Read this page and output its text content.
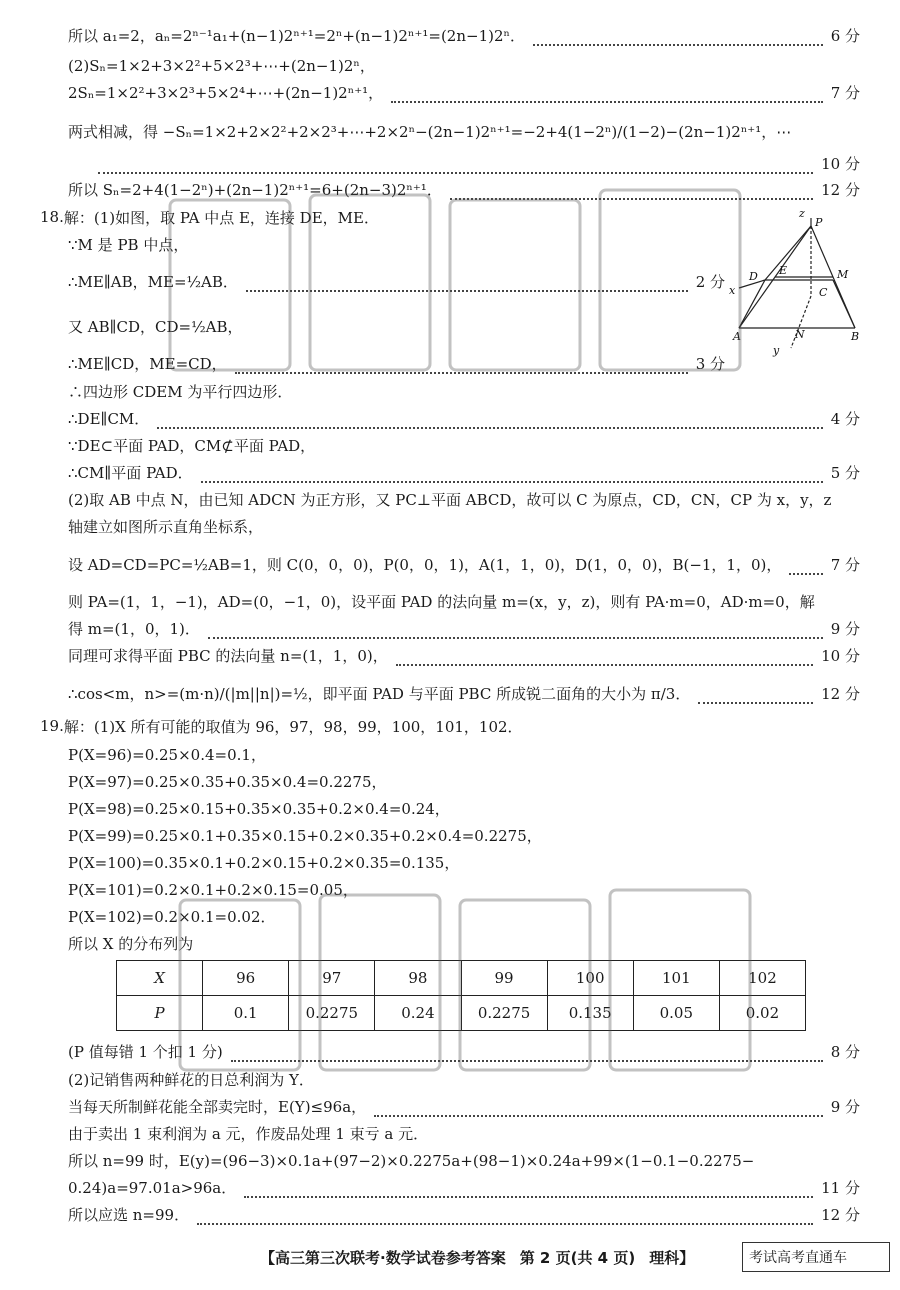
所以 a₁=2，aₙ=2ⁿ⁻¹a₁+(n−1)2ⁿ⁺¹=2ⁿ+(n−1)2ⁿ⁺¹=(2n−1)2ⁿ．	6 分
(2)Sₙ=1×2+3×2²+5×2³+⋯+(2n−1)2ⁿ，
2Sₙ=1×2²+3×2³+5×2⁴+⋯+(2n−1)2ⁿ⁺¹，	7 分
两式相减，得 −Sₙ=1×2+2×2²+2×2³+⋯+2×2ⁿ−(2n−1)2ⁿ⁺¹=−2+4(1−2ⁿ)/(1−2)−(2n−1)2ⁿ⁺¹，⋯
10 分
所以 Sₙ=2+4(1−2ⁿ)+(2n−1)2ⁿ⁺¹=6+(2n−3)2ⁿ⁺¹．	12 分
18. 解：(1)如图，取 PA 中点 E，连接 DE，ME．
∵M 是 PB 中点，
∴ME∥AB，ME=½AB．	2 分
又 AB∥CD，CD=½AB，
∴ME∥CD，ME=CD，	3 分
∴四边形 CDEM 为平行四边形．
∴DE∥CM．	4 分
∵DE⊂平面 PAD，CM⊄平面 PAD，
∴CM∥平面 PAD．	5 分
(2)取 AB 中点 N，由已知 ADCN 为正方形，又 PC⊥平面 ABCD，故可以 C 为原点，CD，CN，CP 为 x，y，z
轴建立如图所示直角坐标系，
设 AD=CD=PC=½AB=1，则 C(0，0，0)，P(0，0，1)，A(1，1，0)，D(1，0，0)，B(−1，1，0)，	7 分
则 PA=(1，1，−1)，AD=(0，−1，0)，设平面 PAD 的法向量 m=(x，y，z)，则有 PA·m=0，AD·m=0，解
得 m=(1，0，1)．	9 分
同理可求得平面 PBC 的法向量 n=(1，1，0)，	10 分
∴cos<m，n>=(m·n)/(|m||n|)=½，即平面 PAD 与平面 PBC 所成锐二面角的大小为 π/3．	12 分
z
P
D E	M
x	C
A	N	B
y
19. 解：(1)X 所有可能的取值为 96，97，98，99，100，101，102．
P(X=96)=0.25×0.4=0.1，
P(X=97)=0.25×0.35+0.35×0.4=0.2275，
P(X=98)=0.25×0.15+0.35×0.35+0.2×0.4=0.24，
P(X=99)=0.25×0.1+0.35×0.15+0.2×0.35+0.2×0.4=0.2275，
P(X=100)=0.35×0.1+0.2×0.15+0.2×0.35=0.135，
P(X=101)=0.2×0.1+0.2×0.15=0.05，
P(X=102)=0.2×0.1=0.02．
所以 X 的分布列为
X	96	97	98	99	100	101	102
P	0.1	0.2275	0.24	0.2275	0.135	0.05	0.02
(P 值每错 1 个扣 1 分)	8 分
(2)记销售两种鲜花的日总利润为 Y．
当每天所制鲜花能全部卖完时，E(Y)≤96a，	9 分
由于卖出 1 束利润为 a 元，作废品处理 1 束亏 a 元．
所以 n=99 时，E(y)=(96−3)×0.1a+(97−2)×0.2275a+(98−1)×0.24a+99×(1−0.1−0.2275−
0.24)a=97.01a>96a．	11 分
所以应选 n=99．	12 分
【高三第三次联考·数学试卷参考答案 第 2 页(共 4 页) 理科】	考试高考直通车
